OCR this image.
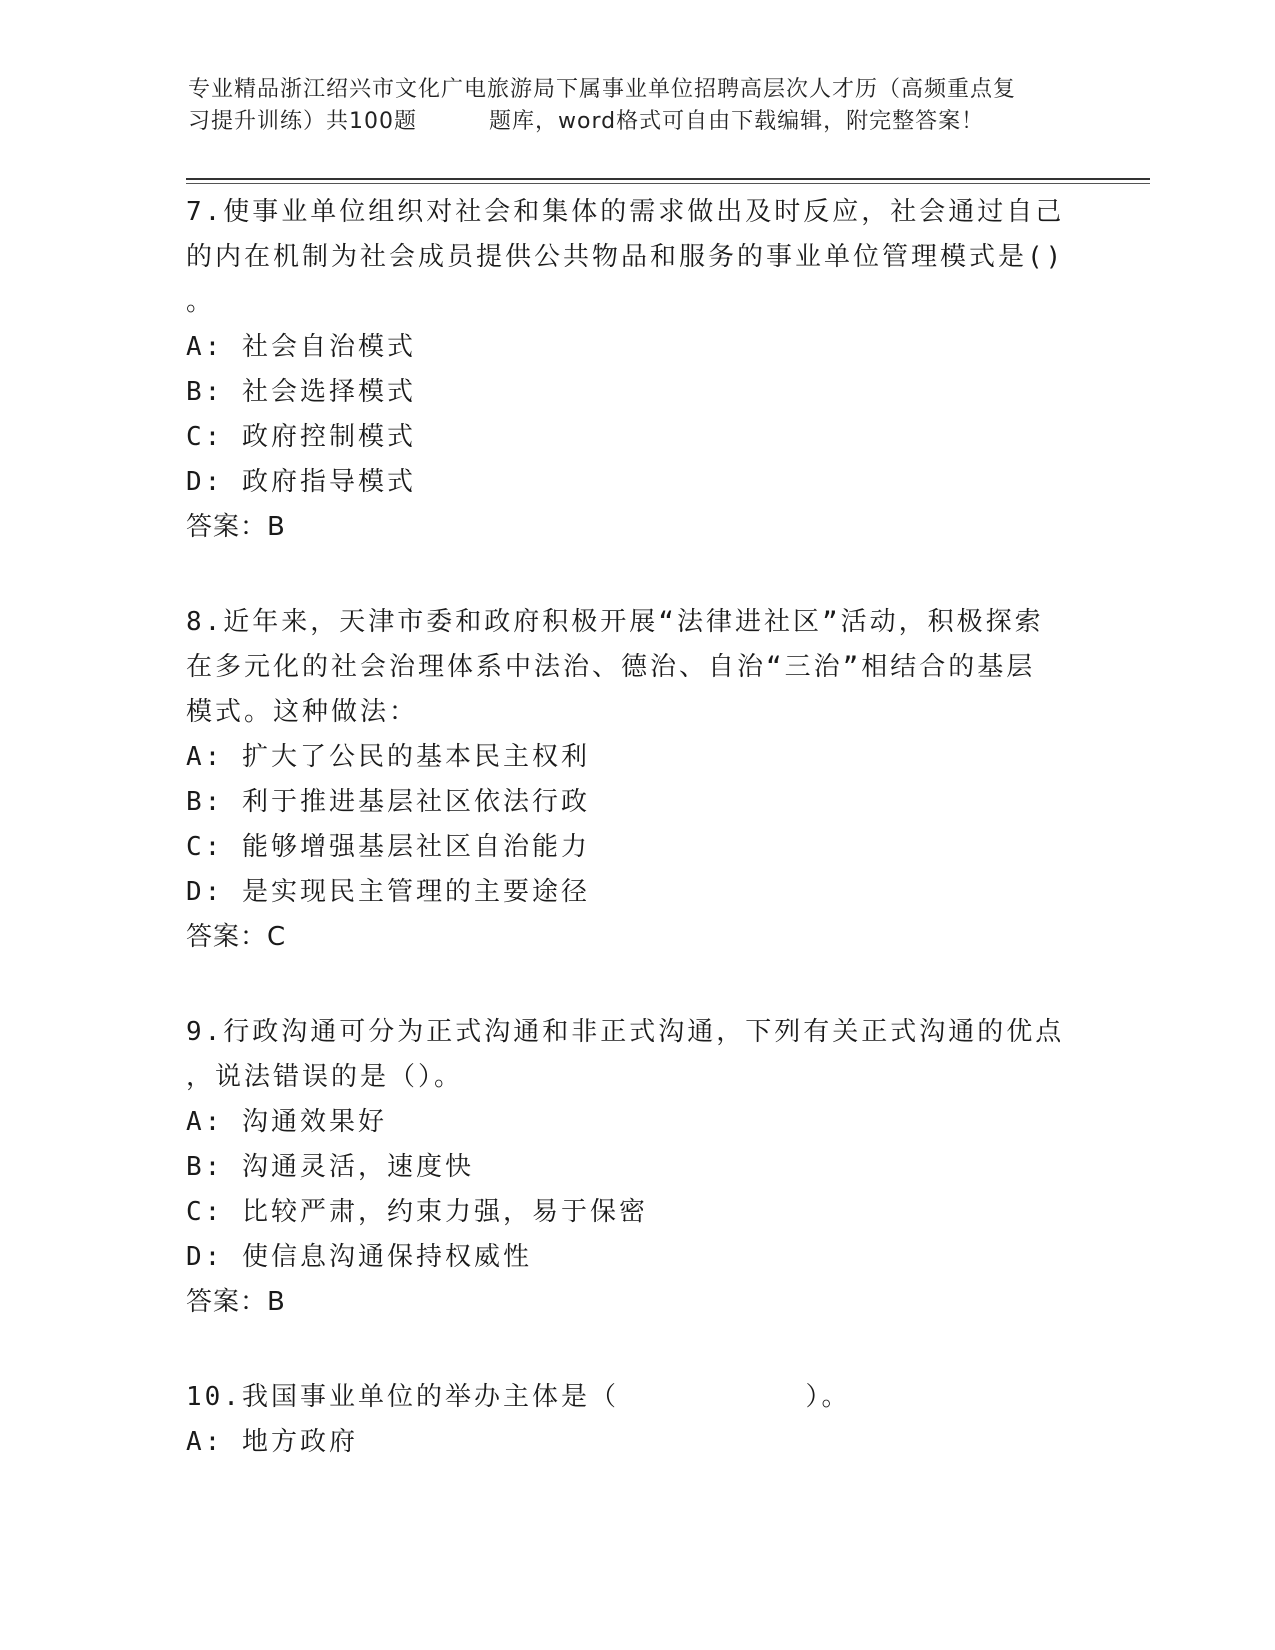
专业精品浙江绍兴市文化广电旅游局下属事业单位招聘高层次人才历（高频重点复
习提升训练）共100题	题库，word格式可自由下载编辑，附完整答案！

7.使事业单位组织对社会和集体的需求做出及时反应，社会通过自己

的内在机制为社会成员提供公共物品和服务的事业单位管理模式是()

。

A: 社会自治模式

B: 社会选择模式

C: 政府控制模式

D: 政府指导模式

答案：B

8.近年来，天津市委和政府积极开展“法律进社区”活动，积极探索

在多元化的社会治理体系中法治、德治、自治“三治”相结合的基层

模式。这种做法：

A: 扩大了公民的基本民主权利

B: 利于推进基层社区依法行政

C: 能够增强基层社区自治能力

D: 是实现民主管理的主要途径

答案：C

9.行政沟通可分为正式沟通和非正式沟通，下列有关正式沟通的优点

，说法错误的是（）。

A: 沟通效果好

B: 沟通灵活，速度快

C: 比较严肃，约束力强，易于保密

D: 使信息沟通保持权威性

答案：B

10.我国事业单位的举办主体是（          ）。

A: 地方政府
